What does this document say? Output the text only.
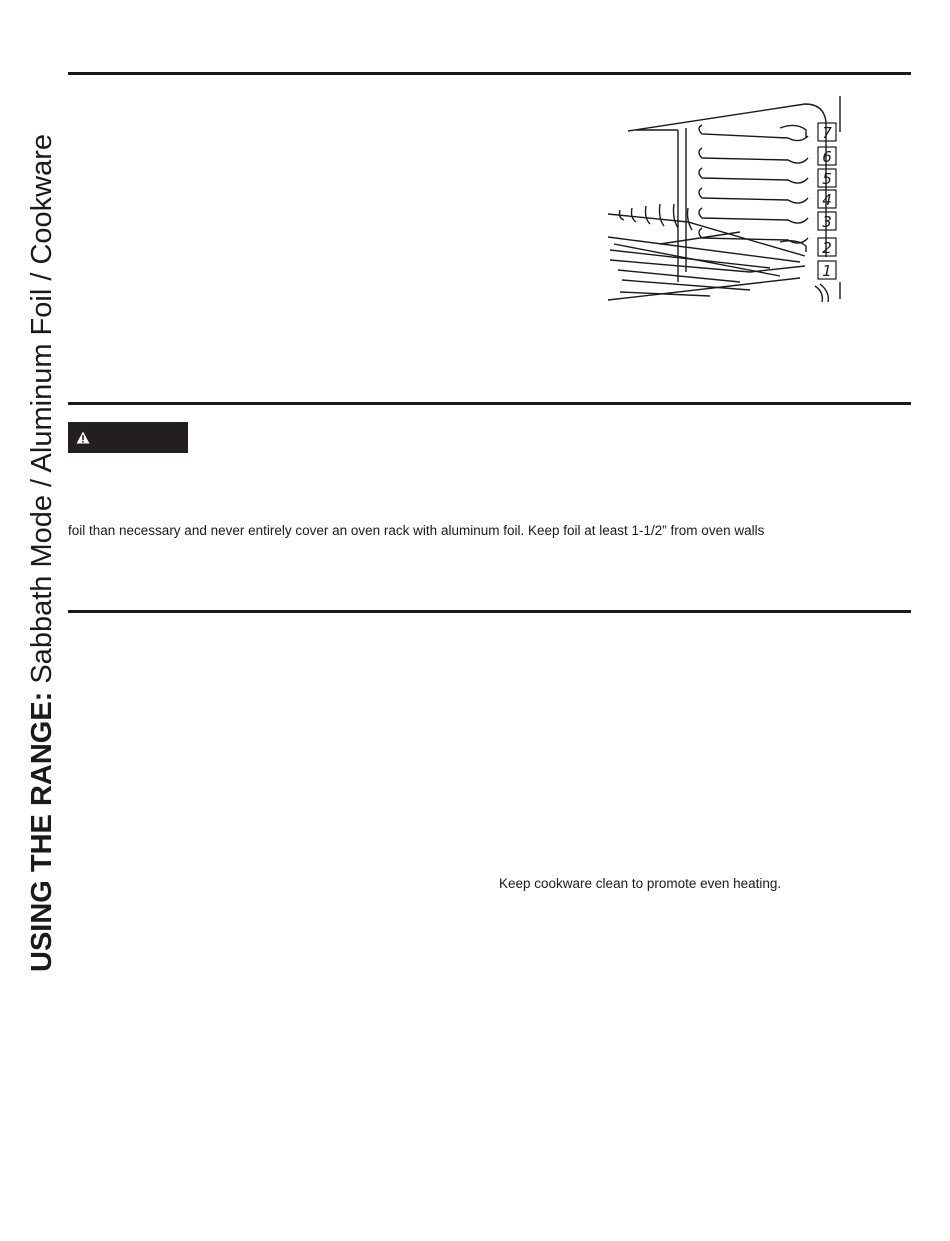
USING THE RANGE:
Sabbath Mode / Aluminum Foil / Cookware
7
6
5
4
3
2
1
foil than necessary and never entirely cover an oven rack with aluminum foil. Keep foil at least 1-1/2” from oven walls
Keep cookware clean to promote even heating.
